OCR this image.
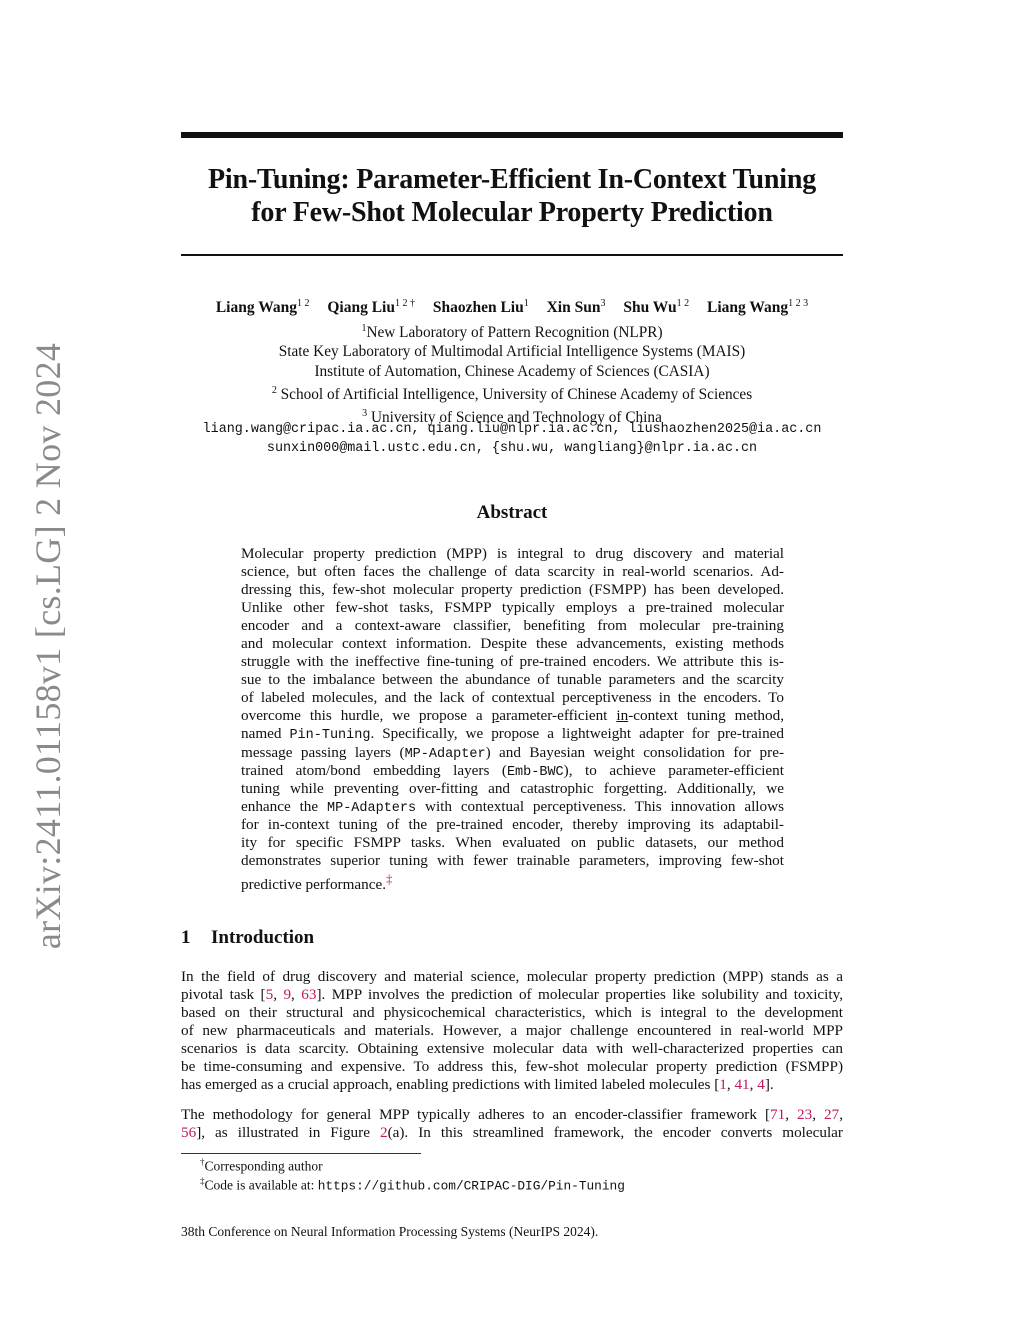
arXiv:2411.01158v1 [cs.LG] 2 Nov 2024
Pin-Tuning: Parameter-Efficient In-Context Tuning
for Few-Shot Molecular Property Prediction
Liang Wang$^{1 2}$ Qiang Liu$^{1 2 \dagger}$ Shaozhen Liu$^1$ Xin Sun$^3$ Shu $Wu^{1 2}$ Liang Wang$^{1 2 3}$
$^1$New Laboratory of Pattern Recognition (NLPR)
State Key Laboratory of Multimodal Artificial Intelligence Systems (MAIS)
Institute of Automation, Chinese Academy of Sciences (CASIA)
$^2$ School of Artificial Intelligence, University of Chinese Academy of Sciences
$^3$ University of Science and Technology of China
liang.wang@cripac.ia.ac.cn, qiang.liu@nlpr.ia.ac.cn, liushaozhen2025@ia.ac.cn
sunxin000@mail.ustc.edu.cn, {shu.wu, wangliang}@nlpr.ia.ac.cn
Abstract
Molecular property prediction (MPP) is integral to drug discovery and material
science, but often faces the challenge of data scarcity in real-world scenarios. Ad-
dressing this, few-shot molecular property prediction (FSMPP) has been developed.
Unlike other few-shot tasks, FSMPP typically employs a pre-trained molecular
encoder and a context-aware classifier, benefiting from molecular pre-training
and molecular context information. Despite these advancements, existing methods
struggle with the ineffective fine-tuning of pre-trained encoders. We attribute this is-
sue to the imbalance between the abundance of tunable parameters and the scarcity
of labeled molecules, and the lack of contextual perceptiveness in the encoders. To
overcome this hurdle, we propose a parameter-efficient in-context tuning method,
named Pin-Tuning. Specifically, we propose a lightweight adapter for pre-trained
message passing layers (MP-Adapter) and Bayesian weight consolidation for pre-
trained atom/bond embedding layers (Emb-BWC), to achieve parameter-efficient
tuning while preventing over-fitting and catastrophic forgetting. Additionally, we
enhance the MP-Adapters with contextual perceptiveness. This innovation allows
for in-context tuning of the pre-trained encoder, thereby improving its adaptabil-
ity for specific FSMPP tasks. When evaluated on public datasets, our method
demonstrates superior tuning with fewer trainable parameters, improving few-shot
predictive performance.‡
1 Introduction
In the field of drug discovery and material science, molecular property prediction (MPP) stands as a
pivotal task [5, 9, 63]. MPP involves the prediction of molecular properties like solubility and toxicity,
based on their structural and physicochemical characteristics, which is integral to the development
of new pharmaceuticals and materials. However, a major challenge encountered in real-world MPP
scenarios is data scarcity. Obtaining extensive molecular data with well-characterized properties can
be time-consuming and expensive. To address this, few-shot molecular property prediction (FSMPP)
has emerged as a crucial approach, enabling predictions with limited labeled molecules [1, 41, 4].
The methodology for general MPP typically adheres to an encoder-classifier framework [71, 23, 27,
56], as illustrated in Figure 2(a). In this streamlined framework, the encoder converts molecular
†Corresponding author
‡Code is available at: https://github.com/CRIPAC-DIG/Pin-Tuning
38th Conference on Neural Information Processing Systems (NeurIPS 2024).
